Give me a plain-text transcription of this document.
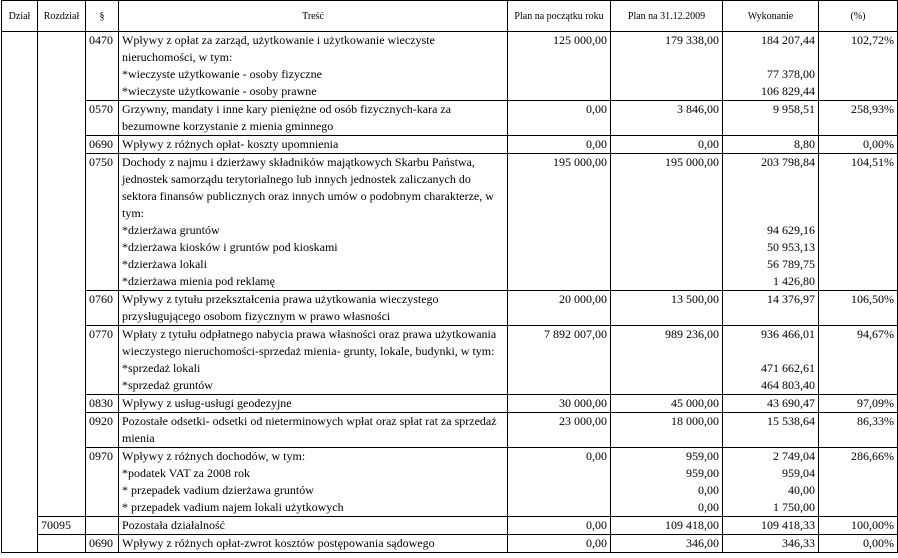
Dział	Rozdział	§	Treść	Plan na początku roku	Plan na 31.12.2009	Wykonanie	(%)
		0470	Wpływy z opłat za zarząd, użytkowanie i użytkowanie wieczyste nieruchomości, w tym:	125 000,00	179 338,00	184 207,44	102,72%
			*wieczyste użytkowanie - osoby fizyczne			77 378,00	
			*wieczyste użytkowanie - osoby prawne			106 829,44	
		0570	Grzywny, mandaty i inne kary pieniężne od osób fizycznych-kara za bezumowne korzystanie z mienia gminnego	0,00	3 846,00	9 958,51	258,93%
		0690	Wpływy z różnych opłat- koszty upomnienia	0,00	0,00	8,80	0,00%
		0750	Dochody z najmu i dzierżawy składników majątkowych Skarbu Państwa, jednostek samorządu terytorialnego lub innych jednostek zaliczanych do sektora finansów publicznych oraz innych umów o podobnym charakterze, w tym:	195 000,00	195 000,00	203 798,84	104,51%
			*dzierżawa gruntów			94 629,16	
			*dzierżawa kiosków i gruntów pod kioskami			50 953,13	
			*dzierżawa lokali			56 789,75	
			*dzierżawa mienia pod reklamę			1 426,80	
		0760	Wpływy z tytułu przekształcenia prawa użytkowania wieczystego przysługującego osobom fizycznym w prawo własności	20 000,00	13 500,00	14 376,97	106,50%
		0770	Wpłaty z tytułu odpłatnego nabycia prawa własności oraz prawa użytkowania wieczystego nieruchomości-sprzedaż mienia- grunty, lokale, budynki, w tym:	7 892 007,00	989 236,00	936 466,01	94,67%
			*sprzedaż lokali			471 662,61	
			*sprzedaż gruntów			464 803,40	
		0830	Wpływy z usług-usługi geodezyjne	30 000,00	45 000,00	43 690,47	97,09%
		0920	Pozostałe odsetki- odsetki od nieterminowych wpłat oraz spłat rat za sprzedaż mienia	23 000,00	18 000,00	15 538,64	86,33%
		0970	Wpływy z różnych dochodów, w tym:	0,00	959,00	2 749,04	286,66%
			*podatek VAT za 2008 rok		959,00	959,04	
			* przepadek vadium dzierżawa gruntów		0,00	40,00	
			* przepadek vadium najem lokali użytkowych		0,00	1 750,00	
	70095		Pozostała działalność	0,00	109 418,00	109 418,33	100,00%
		0690	Wpływy z różnych opłat-zwrot kosztów postępowania sądowego	0,00	346,00	346,33	0,00%
